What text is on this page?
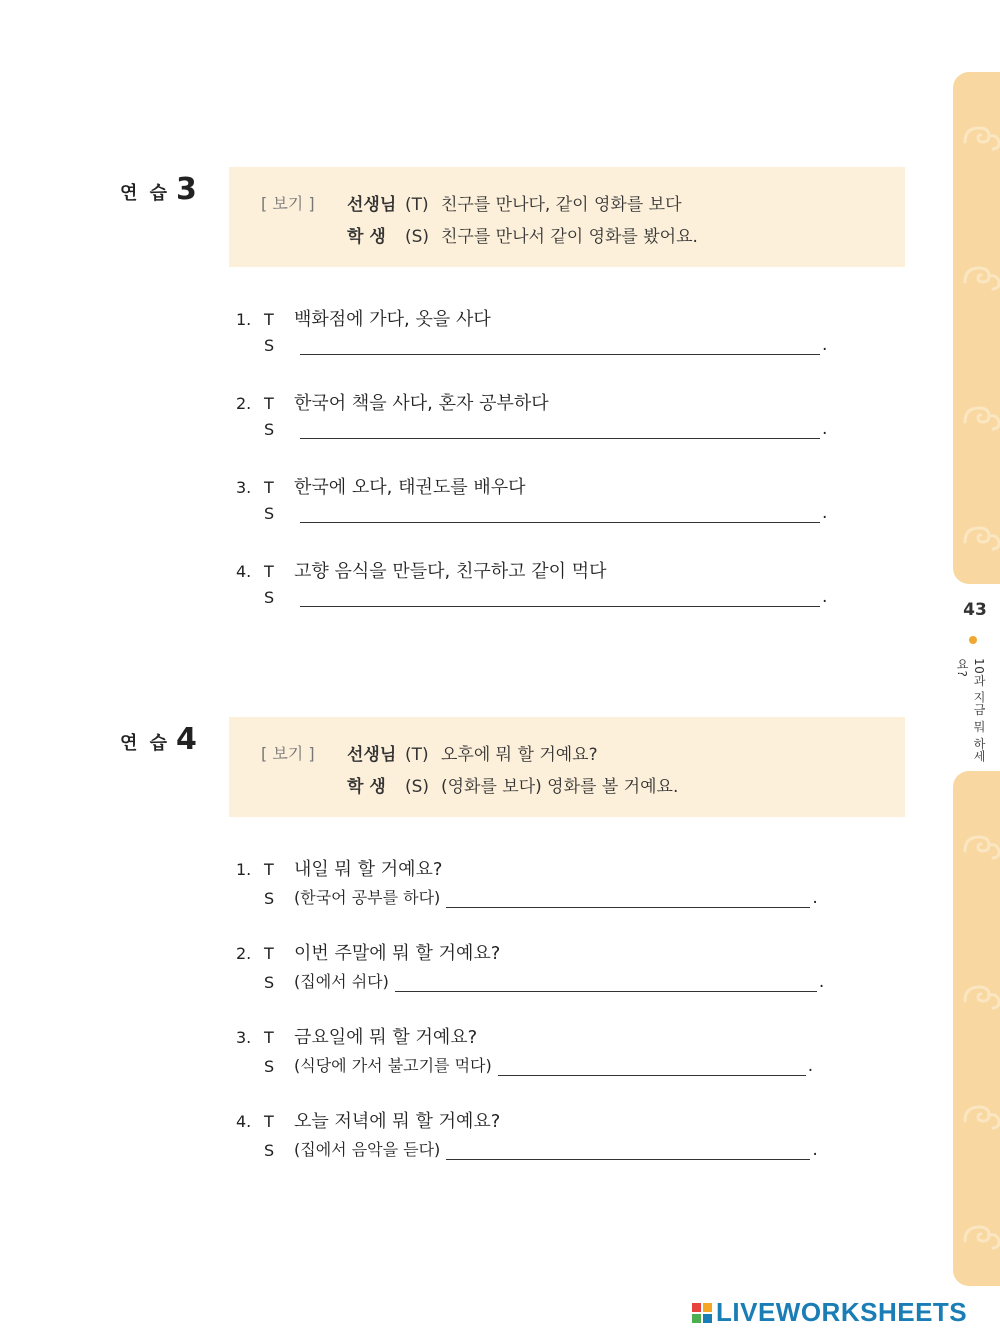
43
10과 지금 뭐 하세요?
연 습 3	[ 보기 ] 선생님 (T) 친구를 만나다, 같이 영화를 보다
학 생 (S) 친구를 만나서 같이 영화를 봤어요.
1. T 백화점에 가다, 옷을 사다
S	.
2. T 한국어 책을 사다, 혼자 공부하다
S	.
3. T 한국에 오다, 태권도를 배우다
S	.
4. T 고향 음식을 만들다, 친구하고 같이 먹다
S	.
연 습 4	[ 보기 ] 선생님 (T) 오후에 뭐 할 거예요?
학 생 (S) (영화를 보다) 영화를 볼 거예요.
1. T 내일 뭐 할 거예요?
S	(한국어 공부를 하다)	.
2. T 이번 주말에 뭐 할 거예요?
S	(집에서 쉬다)	.
3. T 금요일에 뭐 할 거예요?
S	(식당에 가서 불고기를 먹다)	.
4. T 오늘 저녁에 뭐 할 거예요?
S	(집에서 음악을 듣다)	.
LIVEWORKSHEETS
